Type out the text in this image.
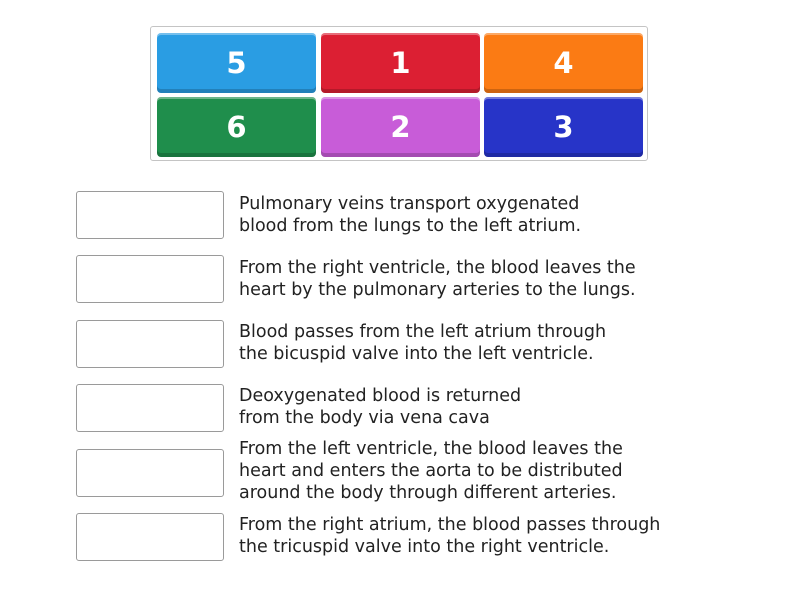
5	1	4
6	2	3
Pulmonary veins transport oxygenated
blood from the lungs to the left atrium.
From the right ventricle, the blood leaves the
heart by the pulmonary arteries to the lungs.
Blood passes from the left atrium through
the bicuspid valve into the left ventricle.
Deoxygenated blood is returned
from the body via vena cava
From the left ventricle, the blood leaves the
heart and enters the aorta to be distributed
around the body through different arteries.
From the right atrium, the blood passes through
the tricuspid valve into the right ventricle.
